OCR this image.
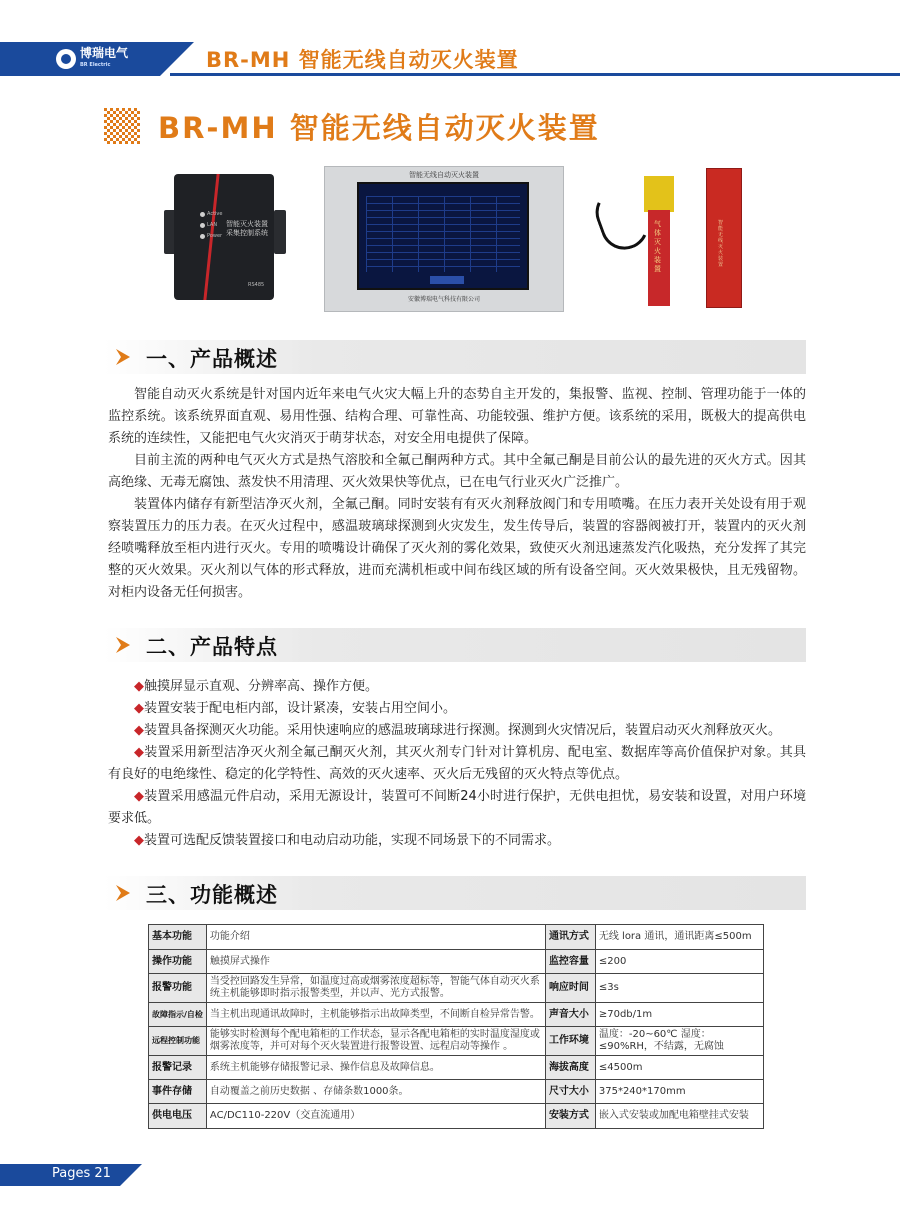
博瑞电气
BR Electric	BR-MH 智能无线自动灭火装置
BR-MH 智能无线自动灭火装置
Active
LAN
Power
智能灭火装置采集控制系统
RS485
智能无线自动灭火装置
安徽博瑞电气科技有限公司
气体灭火装置
智能无线灭火装置
一、产品概述

智能自动灭火系统是针对国内近年来电气火灾大幅上升的态势自主开发的，集报警、监视、控制、管理功能于一体的监控系统。该系统界面直观、易用性强、结构合理、可靠性高、功能较强、维护方便。该系统的采用，既极大的提高供电系统的连续性，又能把电气火灾消灭于萌芽状态，对安全用电提供了保障。

目前主流的两种电气灭火方式是热气溶胶和全氟己酮两种方式。其中全氟己酮是目前公认的最先进的灭火方式。因其高绝缘、无毒无腐蚀、蒸发快不用清理、灭火效果快等优点，已在电气行业灭火广泛推广。

装置体内储存有新型洁净灭火剂，全氟己酮。同时安装有有灭火剂释放阀门和专用喷嘴。在压力表开关处设有用于观察装置压力的压力表。在灭火过程中，感温玻璃球探测到火灾发生，发生传导后，装置的容器阀被打开，装置内的灭火剂经喷嘴释放至柜内进行灭火。专用的喷嘴设计确保了灭火剂的雾化效果，致使灭火剂迅速蒸发汽化吸热，充分发挥了其完整的灭火效果。灭火剂以气体的形式释放，进而充满机柜或中间布线区域的所有设备空间。灭火效果极快，且无残留物。对柜内设备无任何损害。

二、产品特点

◆触摸屏显示直观、分辨率高、操作方便。

◆装置安装于配电柜内部，设计紧凑，安装占用空间小。

◆装置具备探测灭火功能。采用快速响应的感温玻璃球进行探测。探测到火灾情况后，装置启动灭火剂释放灭火。

◆装置采用新型洁净灭火剂全氟己酮灭火剂，其灭火剂专门针对计算机房、配电室、数据库等高价值保护对象。其具有良好的电绝缘性、稳定的化学特性、高效的灭火速率、灭火后无残留的灭火特点等优点。

◆装置采用感温元件启动，采用无源设计，装置可不间断24小时进行保护，无供电担忧，易安装和设置，对用户环境要求低。

◆装置可选配反馈装置接口和电动启动功能，实现不同场景下的不同需求。

三、功能概述
基本功能	功能介绍	通讯方式	无线 lora 通讯，通讯距离≤500m
操作功能	触摸屏式操作	监控容量	≤200
报警功能	当受控回路发生异常，如温度过高或烟雾浓度超标等，智能气体自动灭火系统主机能够即时指示报警类型，并以声、光方式报警。	响应时间	≤3s
故障指示/自检	当主机出现通讯故障时，主机能够指示出故障类型，不间断自检异常告警。	声音大小	≥70db/1m
远程控制功能	能够实时检测每个配电箱柜的工作状态，显示各配电箱柜的实时温度湿度或烟雾浓度等，并可对每个灭火装置进行报警设置、远程启动等操作 。	工作环境	温度：-20~60℃ 湿度：≤90%RH，不结露，无腐蚀
报警记录	系统主机能够存储报警记录、操作信息及故障信息。	海拔高度	≤4500m
事件存储	自动覆盖之前历史数据 、存储条数1000条。	尺寸大小	375*240*170mm
供电电压	AC/DC110-220V（交直流通用）	安装方式	嵌入式安装或加配电箱壁挂式安装
Pages 21
